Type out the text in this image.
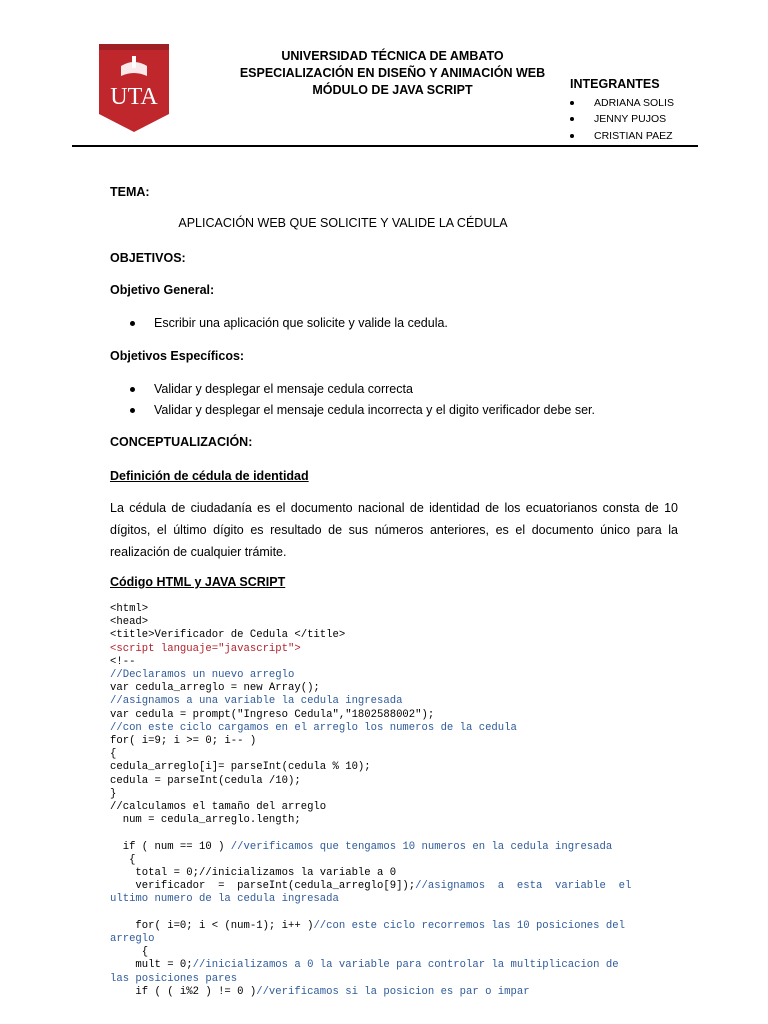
UTA
UNIVERSIDAD TÉCNICA DE AMBATO
ESPECIALIZACIÓN EN DISEÑO Y ANIMACIÓN WEB
MÓDULO DE JAVA SCRIPT	INTEGRANTES
ADRIANA SOLIS
JENNY PUJOS
CRISTIAN PAEZ
TEMA:
APLICACIÓN WEB QUE SOLICITE Y VALIDE LA CÉDULA
OBJETIVOS:
Objetivo General:
Escribir una aplicación que solicite y valide la cedula.
Objetivos Específicos:
Validar y desplegar el mensaje cedula correcta
Validar y desplegar el mensaje cedula incorrecta y el digito verificador debe ser.
CONCEPTUALIZACIÓN:
Definición de cédula de identidad
La cédula de ciudadanía es el documento nacional de identidad de los ecuatorianos consta de 10 dígitos, el último dígito es resultado de sus números anteriores, es el documento único para la realización de cualquier trámite.
Código HTML y JAVA SCRIPT
<html>
<head>
<title>Verificador de Cedula </title>
<script languaje="javascript">
<!--
//Declaramos un nuevo arreglo
var cedula_arreglo = new Array();
//asignamos a una variable la cedula ingresada
var cedula = prompt("Ingreso Cedula","1802588002");
//con este ciclo cargamos en el arreglo los numeros de la cedula
for( i=9; i >= 0; i-- )
{
cedula_arreglo[i]= parseInt(cedula % 10);
cedula = parseInt(cedula /10);
}
//calculamos el tamaño del arreglo
num = cedula_arreglo.length;

if ( num == 10 ) //verificamos que tengamos 10 numeros en la cedula ingresada
{
total = 0;//inicializamos la variable a 0
verificador  =  parseInt(cedula_arreglo[9]);//asignamos  a  esta  variable  el
ultimo numero de la cedula ingresada

for( i=0; i < (num-1); i++ )//con este ciclo recorremos las 10 posiciones del
arreglo
{
mult = 0;//inicializamos a 0 la variable para controlar la multiplicacion de
las posiciones pares
if ( ( i%2 ) != 0 )//verificamos si la posicion es par o impar
